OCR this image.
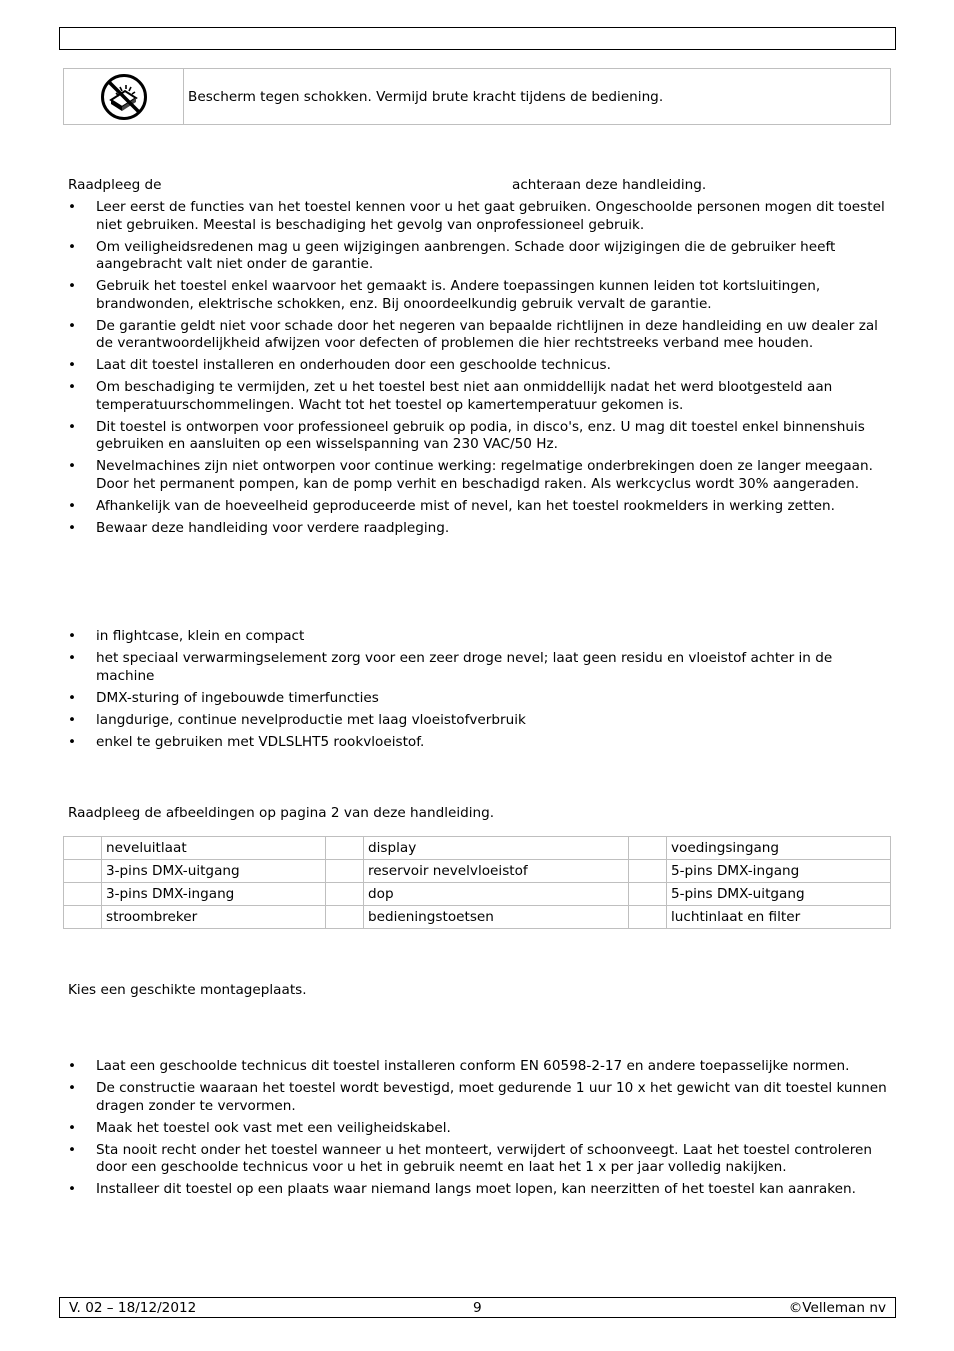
	Bescherm tegen schokken. Vermijd brute kracht tijdens de bediening.
Raadpleeg de	achteraan deze handleiding.
• Leer eerst de functies van het toestel kennen voor u het gaat gebruiken. Ongeschoolde personen mogen dit toestel niet gebruiken. Meestal is beschadiging het gevolg van onprofessioneel gebruik.
• Om veiligheidsredenen mag u geen wijzigingen aanbrengen. Schade door wijzigingen die de gebruiker heeft aangebracht valt niet onder de garantie.
• Gebruik het toestel enkel waarvoor het gemaakt is. Andere toepassingen kunnen leiden tot kortsluitingen, brandwonden, elektrische schokken, enz. Bij onoordeelkundig gebruik vervalt de garantie.
• De garantie geldt niet voor schade door het negeren van bepaalde richtlijnen in deze handleiding en uw dealer zal de verantwoordelijkheid afwijzen voor defecten of problemen die hier rechtstreeks verband mee houden.
• Laat dit toestel installeren en onderhouden door een geschoolde technicus.
• Om beschadiging te vermijden, zet u het toestel best niet aan onmiddellijk nadat het werd blootgesteld aan temperatuurschommelingen. Wacht tot het toestel op kamertemperatuur gekomen is.
• Dit toestel is ontworpen voor professioneel gebruik op podia, in disco's, enz. U mag dit toestel enkel binnenshuis gebruiken en aansluiten op een wisselspanning van 230 VAC/50 Hz.
• Nevelmachines zijn niet ontworpen voor continue werking: regelmatige onderbrekingen doen ze langer meegaan. Door het permanent pompen, kan de pomp verhit en beschadigd raken. Als werkcyclus wordt 30% aangeraden.
• Afhankelijk van de hoeveelheid geproduceerde mist of nevel, kan het toestel rookmelders in werking zetten.
• Bewaar deze handleiding voor verdere raadpleging.
• in flightcase, klein en compact
• het speciaal verwarmingselement zorg voor een zeer droge nevel; laat geen residu en vloeistof achter in de machine
• DMX-sturing of ingebouwde timerfuncties
• langdurige, continue nevelproductie met laag vloeistofverbruik
• enkel te gebruiken met VDLSLHT5 rookvloeistof.
Raadpleeg de afbeeldingen op pagina 2 van deze handleiding.
	neveluitlaat		display		voedingsingang
	3-pins DMX-uitgang		reservoir nevelvloeistof		5-pins DMX-ingang
	3-pins DMX-ingang		dop		5-pins DMX-uitgang
	stroombreker		bedieningstoetsen		luchtinlaat en filter
Kies een geschikte montageplaats.
• Laat een geschoolde technicus dit toestel installeren conform EN 60598-2-17 en andere toepasselijke normen.
• De constructie waaraan het toestel wordt bevestigd, moet gedurende 1 uur 10 x het gewicht van dit toestel kunnen dragen zonder te vervormen.
• Maak het toestel ook vast met een veiligheidskabel.
• Sta nooit recht onder het toestel wanneer u het monteert, verwijdert of schoonveegt. Laat het toestel controleren door een geschoolde technicus voor u het in gebruik neemt en laat het 1 x per jaar volledig nakijken.
• Installeer dit toestel op een plaats waar niemand langs moet lopen, kan neerzitten of het toestel kan aanraken.
V. 02 – 18/12/2012	9	©Velleman nv
